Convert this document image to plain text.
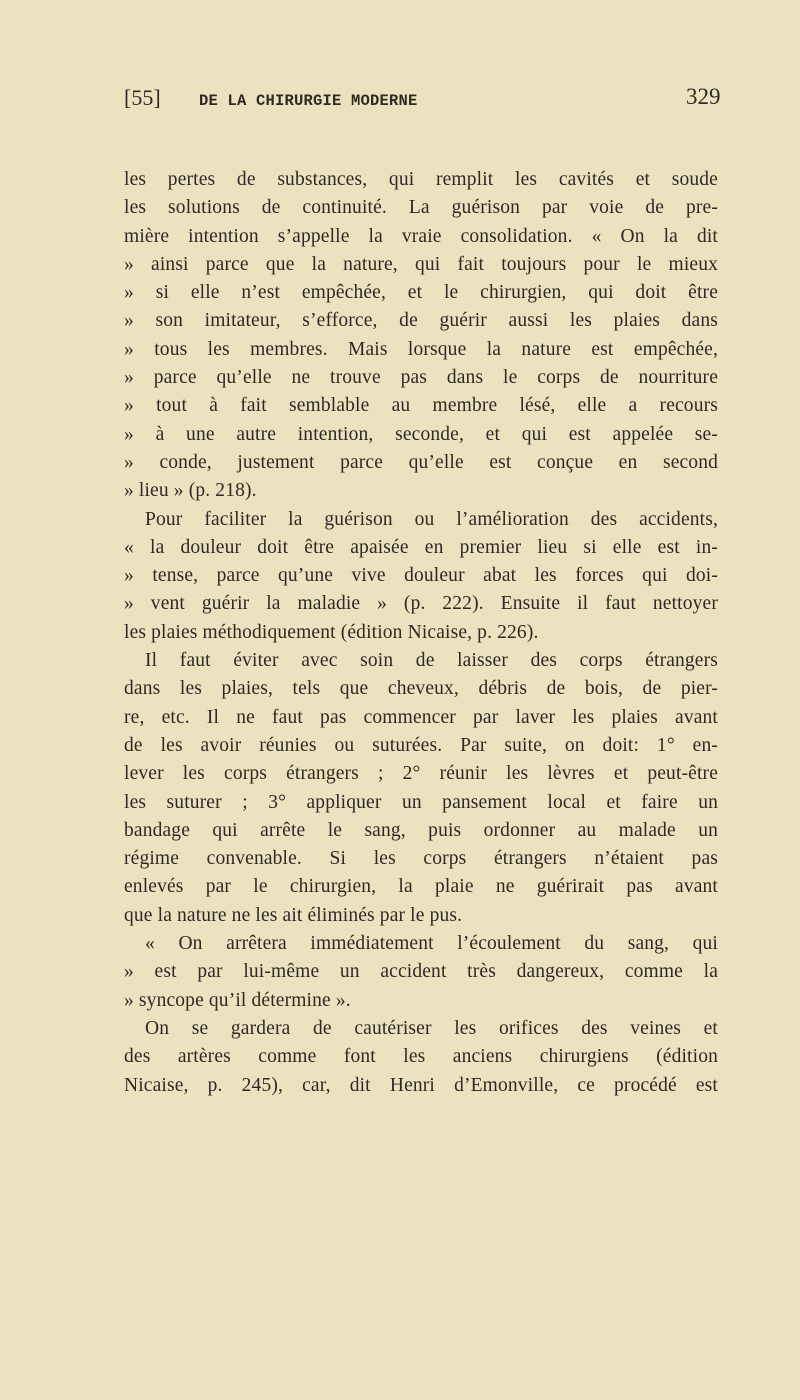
[55] DE LA CHIRURGIE MODERNE	329
les pertes de substances, qui remplit les cavités et soude
les solutions de continuité. La guérison par voie de pre-
mière intention s’appelle la vraie consolidation. « On la dit
» ainsi parce que la nature, qui fait toujours pour le mieux
» si elle n’est empêchée, et le chirurgien, qui doit être
» son imitateur, s’efforce, de guérir aussi les plaies dans
» tous les membres. Mais lorsque la nature est empêchée,
» parce qu’elle ne trouve pas dans le corps de nourriture
» tout à fait semblable au membre lésé, elle a recours
» à une autre intention, seconde, et qui est appelée se-
» conde, justement parce qu’elle est conçue en second
» lieu » (p. 218).
Pour faciliter la guérison ou l’amélioration des accidents,
« la douleur doit être apaisée en premier lieu si elle est in-
» tense, parce qu’une vive douleur abat les forces qui doi-
» vent guérir la maladie » (p. 222). Ensuite il faut nettoyer
les plaies méthodiquement (édition Nicaise, p. 226).
Il faut éviter avec soin de laisser des corps étrangers
dans les plaies, tels que cheveux, débris de bois, de pier-
re, etc. Il ne faut pas commencer par laver les plaies avant
de les avoir réunies ou suturées. Par suite, on doit: 1° en-
lever les corps étrangers ; 2° réunir les lèvres et peut-être
les suturer ; 3° appliquer un pansement local et faire un
bandage qui arrête le sang, puis ordonner au malade un
régime convenable. Si les corps étrangers n’étaient pas
enlevés par le chirurgien, la plaie ne guérirait pas avant
que la nature ne les ait éliminés par le pus.
« On arrêtera immédiatement l’écoulement du sang, qui
» est par lui-même un accident très dangereux, comme la
» syncope qu’il détermine ».
On se gardera de cautériser les orifices des veines et
des artères comme font les anciens chirurgiens (édition
Nicaise, p. 245), car, dit Henri d’Emonville, ce procédé est
